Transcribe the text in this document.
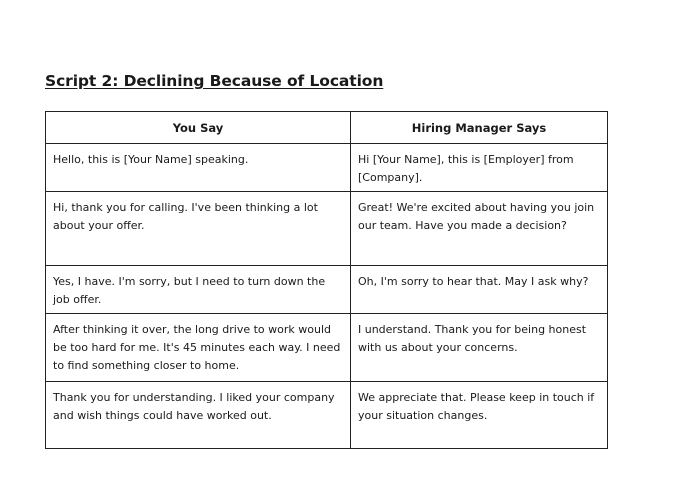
Script 2: Declining Because of Location
You Say	Hiring Manager Says
Hello, this is [Your Name] speaking.	Hi [Your Name], this is [Employer] from [Company].
Hi, thank you for calling. I've been thinking a lot about your offer.	Great! We're excited about having you join our team. Have you made a decision?
Yes, I have. I'm sorry, but I need to turn down the job offer.	Oh, I'm sorry to hear that. May I ask why?
After thinking it over, the long drive to work would be too hard for me. It's 45 minutes each way. I need to find something closer to home.	I understand. Thank you for being honest with us about your concerns.
Thank you for understanding. I liked your company and wish things could have worked out.	We appreciate that. Please keep in touch if your situation changes.
